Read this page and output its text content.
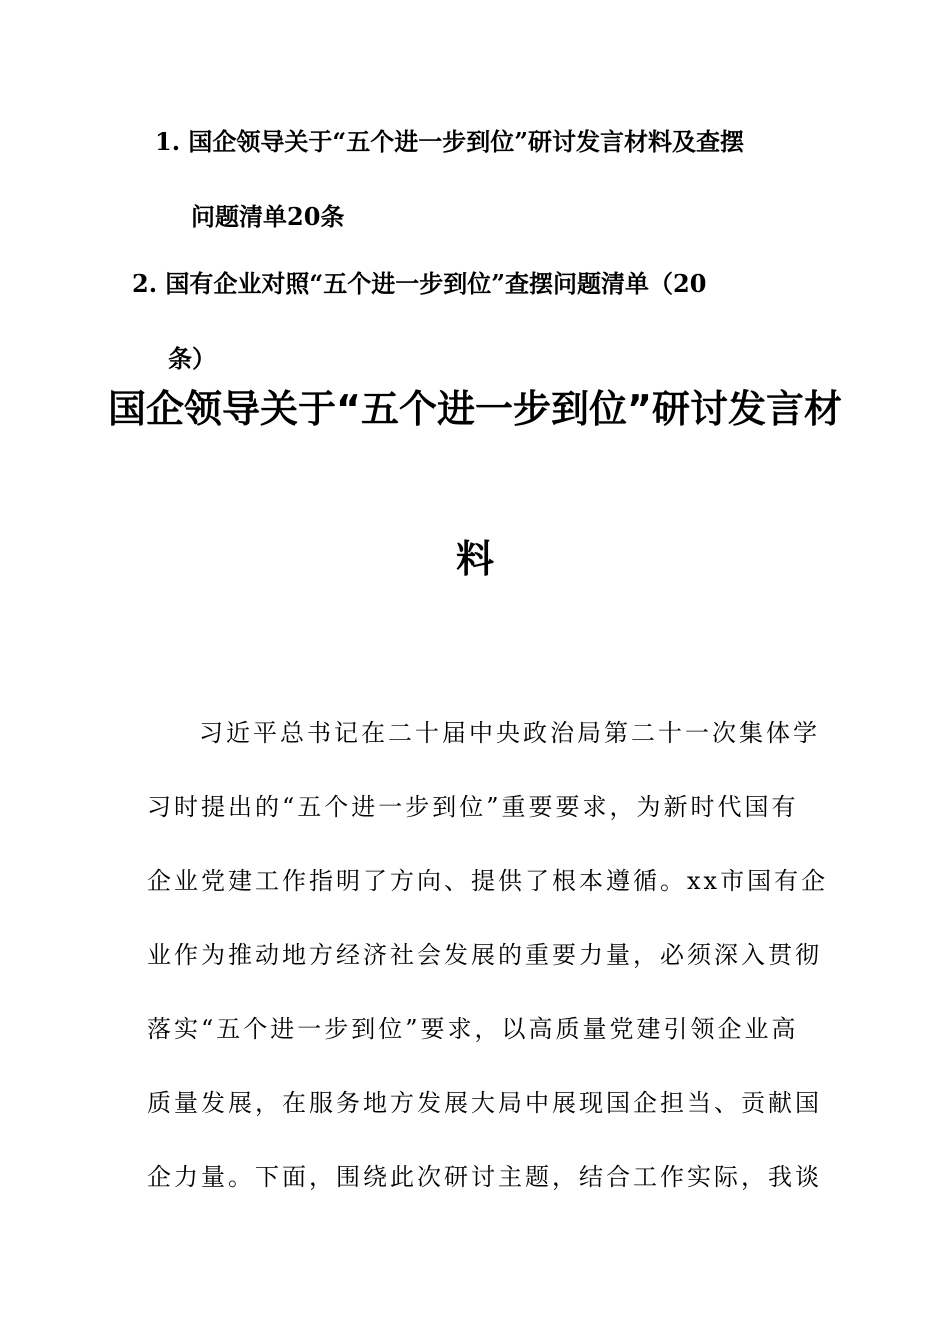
1. 国企领导关于“五个进一步到位”研讨发言材料及查摆
问题清单20条
2. 国有企业对照“五个进一步到位”查摆问题清单（20
条）
国企领导关于“五个进一步到位”研讨发言材
料
习近平总书记在二十届中央政治局第二十一次集体学
习时提出的“五个进一步到位”重要要求，为新时代国有
企业党建工作指明了方向、提供了根本遵循。xx市国有企
业作为推动地方经济社会发展的重要力量，必须深入贯彻
落实“五个进一步到位”要求，以高质量党建引领企业高
质量发展，在服务地方发展大局中展现国企担当、贡献国
企力量。下面，围绕此次研讨主题，结合工作实际，我谈
